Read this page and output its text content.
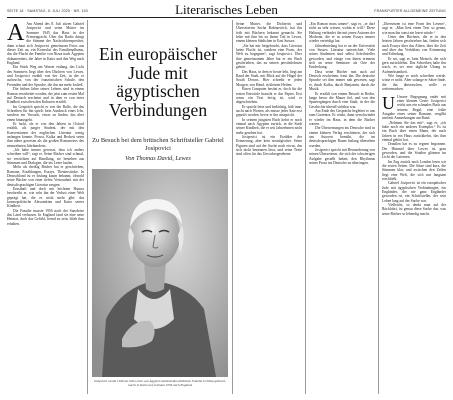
SEITE 18 · SAMSTAG, 5. JULI 2025 · NR. 153	Literarisches Leben	FRANKFURTER ALLGEMEINE ZEITUNG
A Am Abend des 8. Juli sitzen Gabriel Josipovici und seine Mutter im Sommer 1945 das Haus in der Prinsengracht. Über das Radio dringt die Stimme der Nachrichtensprecher, dann schaut sich Josipovici gemeinsam Fotos aus dieser Zeit an, ein Konvolut des Familienalbums, das die Flucht der Familie von Nizza nach Ägypten dokumentiert, die Jahre in Kairo und den Weg nach England.

Ein Stück Weg am Wasser entlang, das Licht des Sommers liegt über den Dächern von Lewes, und Josipovici erzählt von der Zeit, in der er aufwuchs, von der französischen Schule, den Freunden und der Sprache, die ihn nie mehr losließ.

Die frühen Jahre seines Lebens sind in einem Roman verarbeitet worden, der jetzt zum ersten Mal auf Deutsch erscheint und in dem er von einer Kindheit zwischen den Kulturen erzählt.

Im Gespräch spricht er von der Rolle, die das Schreiben für ihn spielt: kein Ausdruck eines Ichs, sondern ein Versuch, etwas zu finden, das über einen hinausgeht.

Er lacht, als er von den Jahren in Oxford erzählt, als junger Student, der mit den Konventionen der englischen Literatur wenig anfangen konnte. Proust, Kafka und Beckett seien ihm näher gewesen als die großen Romanciers des neunzehnten Jahrhunderts.

„Ich habe immer gewusst, dass ich anders schreiben will“, sagt er. Seine Bücher sind schmal, sie verzichten auf Handlung, sie bestehen aus Stimmen und Dialogen, die ins Leere laufen.

Mehr als dreißig Bücher hat er geschrieben, Romane, Erzählungen, Essays, Theaterstücke. In Deutschland ist er bislang kaum bekannt, obwohl seine Bücher von einer tiefen Vertrautheit mit der deutschsprachigen Literatur zeugen.

Ernsthaft und doch mit leichtem Humor beschreibt er, wie sehr ihn der Verlust einer Welt geprägt hat, die es nicht mehr gibt: das kosmopolitische Alexandrien und Kairo seiner Kindheit.

Die Familie musste 1956 nach der Suezkrise das Land verlassen. In England fand sie eine neue Heimat, doch das Gefühl, fremd zu sein, blieb ihm erhalten.

Ein europäischer Jude mit ägyptischen Verbindungen
Zu Besuch bei dem britischen Schriftsteller Gabriel Josipovici
Von Thomas David, Lewes
Josipovici wurde 1940 als Sohn einer aus Ägypten stammenden jüdischen Familie in Nizza geboren, wuchs in Kairo auf und kam 1956 nach England.

Seine Mutter, die Dichterin und Übersetzerin Sacha Rabinovitch, hat ihn früh mit Büchern bekannt gemacht. Sie lebte mit ihm bis zu ihrem Tod in Lewes, einem kleinen Städtchen in East Sussex.

„Sie hat mir beigebracht, dass Literatur keine Flucht ist, sondern eine Form, der Welt zu begegnen“, sagt Josipovici. Über ihre gemeinsamen Jahre hat er ein Buch geschrieben, das zu seinen persönlichsten gehört.

Das Haus, in dem er heute lebt, liegt am Rand der Stadt, mit Blick auf die Hügel der South Downs. Hier schreibt er jeden Morgen, von Hand, in kleinen Heften.

Einen Computer besitzt er, doch für die ersten Entwürfe braucht er das Papier. Erst wenn ein Text fertig ist, wird er abgeschrieben.

Er spricht leise und bedächtig, hält inne, sucht nach Worten, als müsse jeder Satz erst geprüft werden, bevor er ihn ausspricht.

In seinem jüngsten Buch kehrt er noch einmal nach Ägypten zurück, in die Stadt seiner Kindheit, die er seit Jahrzehnten nicht mehr gesehen hat.

Josipovici ist ein Erzähler der Erinnerung, aber kein nostalgischer. Seine Figuren sind auf der Suche nach etwas, das sich nicht benennen lässt, und seine Texte sind offen für das Unvorhergesehene.

„Ein Roman muss atmen“, sagt er, „er darf nicht zu sehr wissen, wohin er will.“ Diese Haltung verbindet ihn mit jenen Autoren der Moderne, die er in seinen Essays immer wieder verteidigt hat.

Jahrzehntelang hat er an der Universität von Sussex Literatur unterrichtet. Viele seiner Studenten sind selbst Schriftsteller geworden, und einige von ihnen erinnern sich an seine Seminare als Orte der Entdeckung.

Dass seine Bücher nun auch auf Deutsch erscheinen, freut ihn. Die deutsche Sprache sei ihm immer nah gewesen, sagt er, durch Kafka, durch Benjamin, durch die Musik.

Er erzählt von einem Besuch in Berlin, lange bevor die Mauer fiel, und von den Spaziergängen durch eine Stadt, in der die Geschichte überall sichtbar war.

Am Ende des Gesprächs begleitet er uns zum Gartentor. Er winkt, dann verschwindet er wieder im Haus, in dem die Bücher warten.

Die Übersetzungen ins Deutsche sind in einem kleinen Verlag erschienen, der sich um Autoren bemüht, die im deutschsprachigen Raum bislang übersehen wurden.

Josipovici spricht mit Bewunderung von seinen Übersetzern, die sich der schwierigen Aufgabe gestellt haben, den Rhythmus seiner Prosa ins Deutsche zu übertragen.

„Übersetzen ist eine Form des Lesens“, sagt er. „Man liest einen Text so genau, wie man ihn sonst nie lesen würde.“

Unter den Büchern, die er in den letzten Jahren geschrieben hat, finden sich auch Essays über das Altern, über die Zeit und über das Verhältnis von Erinnerung und Erfindung.

Er sei, sagt er, kein Mensch, der sich gern zurücklehnt. Das Schreiben halte ihn wach, es sei eine tägliche Übung in Aufmerksamkeit.

Wie lange er noch schreiben werde, wisse er nicht. Aber solange er Sätze finde, die ihn überraschen, wolle er weitermachen.

U Unsere Begegnung endet mit einer kleinen Geste: Josipovici reicht uns ein schmales Buch aus seinem Regal, eine frühe Ausgabe eines seiner Romane, vergilbt und mit Anmerkungen am Rand.

„Nehmen Sie das mit“, sagt er, „ich habe noch ein anderes Exemplar.“ Es ist ein Buch über einen Mann, der nach Jahren in ein Haus zurückkehrt, das ihm einmal gehört hat.

Draußen hat es zu regnen begonnen. Der Himmel über Lewes ist grau geworden, und die Straßen glänzen im Licht der Laternen.

Im Zug zurück nach London lesen wir die ersten Seiten. Die Sätze sind kurz, die Stimmen klar, und zwischen den Zeilen liegt eine Welt, die sich nur langsam erschließt.

Gabriel Josipovici ist ein europäischer Jude mit ägyptischen Verbindungen, ein Engländer, der nie ganz Engländer geworden ist, ein Schriftsteller, der sein Leben lang auf der Suche war.

Vielleicht, so denkt man auf der Rückfahrt, ist genau diese Suche das, was seine Bücher so lebendig macht.
